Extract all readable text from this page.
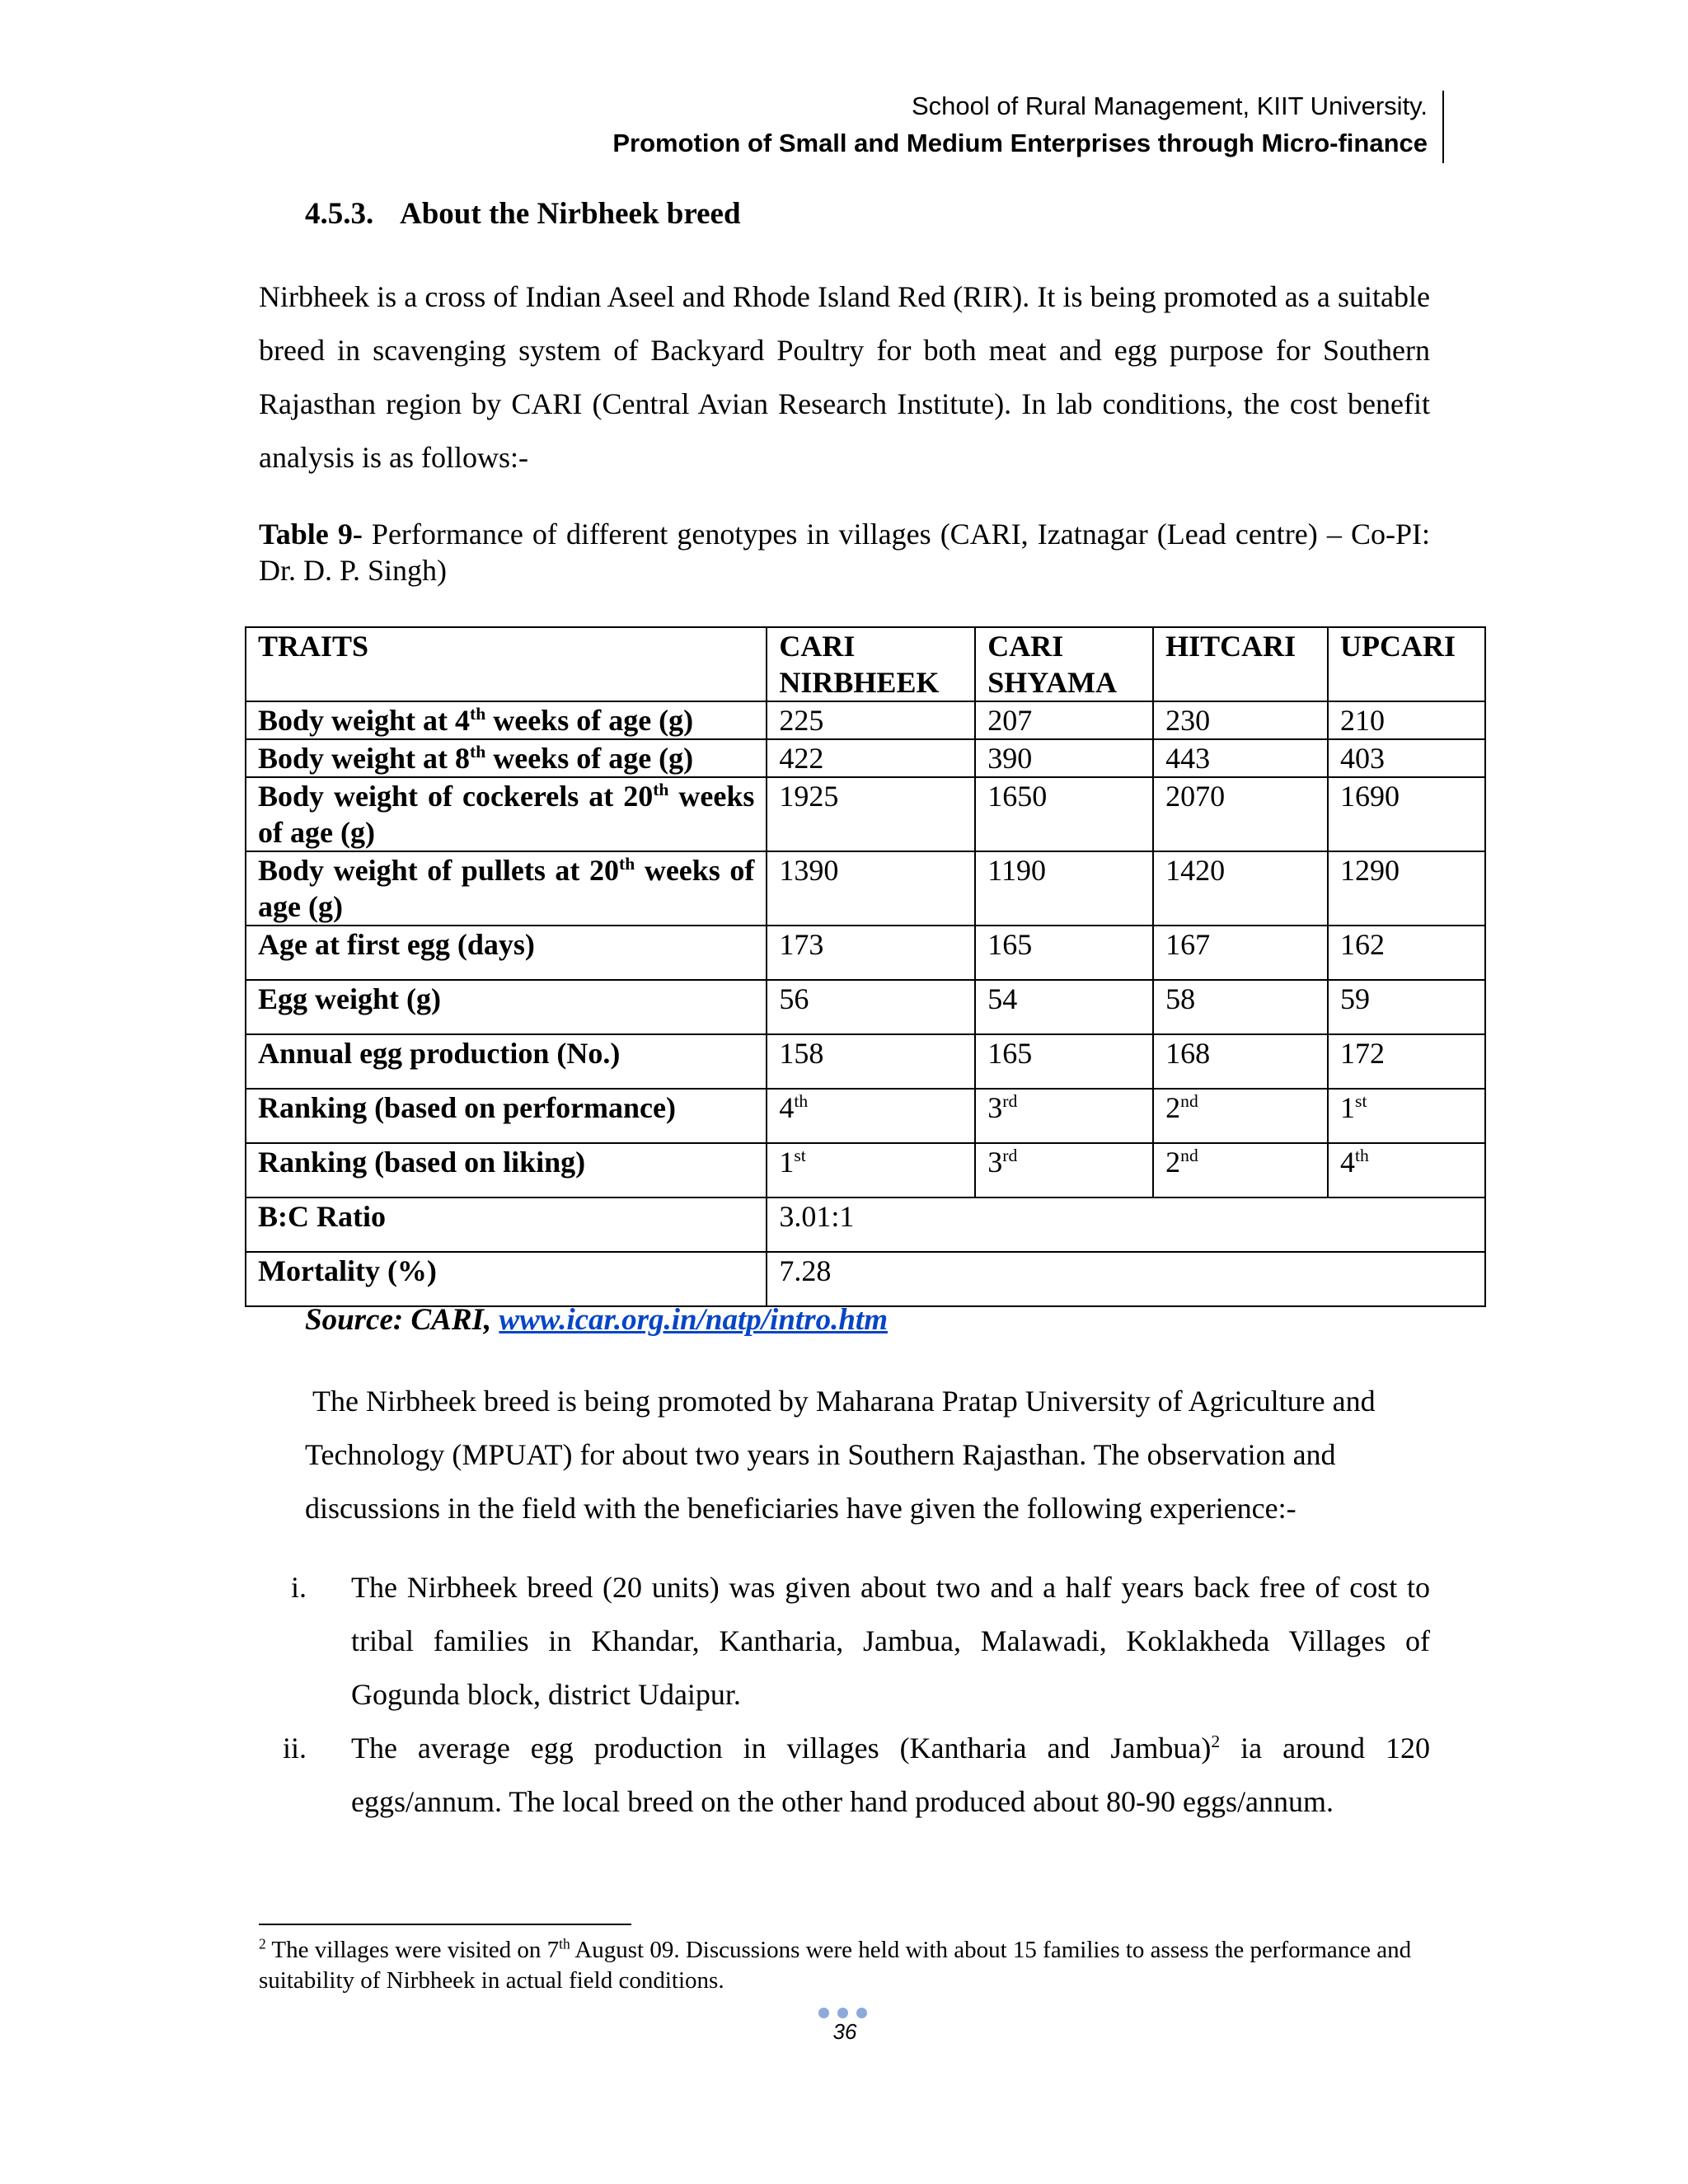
School of Rural Management, KIIT University.
Promotion of Small and Medium Enterprises through Micro-finance
4.5.3. About the Nirbheek breed
Nirbheek is a cross of Indian Aseel and Rhode Island Red (RIR). It is being promoted as a suitable breed in scavenging system of Backyard Poultry for both meat and egg purpose for Southern Rajasthan region by CARI (Central Avian Research Institute). In lab conditions, the cost benefit analysis is as follows:-
Table 9- Performance of different genotypes in villages (CARI, Izatnagar (Lead centre) – Co-PI: Dr. D. P. Singh)
TRAITS	CARI NIRBHEEK	CARI SHYAMA	HITCARI	UPCARI
Body weight at 4th weeks of age (g)	225	207	230	210
Body weight at 8th weeks of age (g)	422	390	443	403
Body weight of cockerels at 20th weeks of age (g)	1925	1650	2070	1690
Body weight of pullets at 20th weeks of age (g)	1390	1190	1420	1290
Age at first egg (days)	173	165	167	162
Egg weight (g)	56	54	58	59
Annual egg production (No.)	158	165	168	172
Ranking (based on performance)	4th	3rd	2nd	1st
Ranking (based on liking)	1st	3rd	2nd	4th
B:C Ratio	3.01:1			
Mortality (%)	7.28			
Source: CARI, www.icar.org.in/natp/intro.htm
The Nirbheek breed is being promoted by Maharana Pratap University of Agriculture and Technology (MPUAT) for about two years in Southern Rajasthan. The observation and discussions in the field with the beneficiaries have given the following experience:-
i. The Nirbheek breed (20 units) was given about two and a half years back free of cost to tribal families in Khandar, Kantharia, Jambua, Malawadi, Koklakheda Villages of Gogunda block, district Udaipur.
ii. The average egg production in villages (Kantharia and Jambua)$^2$ ia around 120 eggs/annum. The local breed on the other hand produced about 80-90 eggs/annum.
$^2$ The villages were visited on 7th August 09. Discussions were held with about 15 families to assess the performance and suitability of Nirbheek in actual field conditions.
36
